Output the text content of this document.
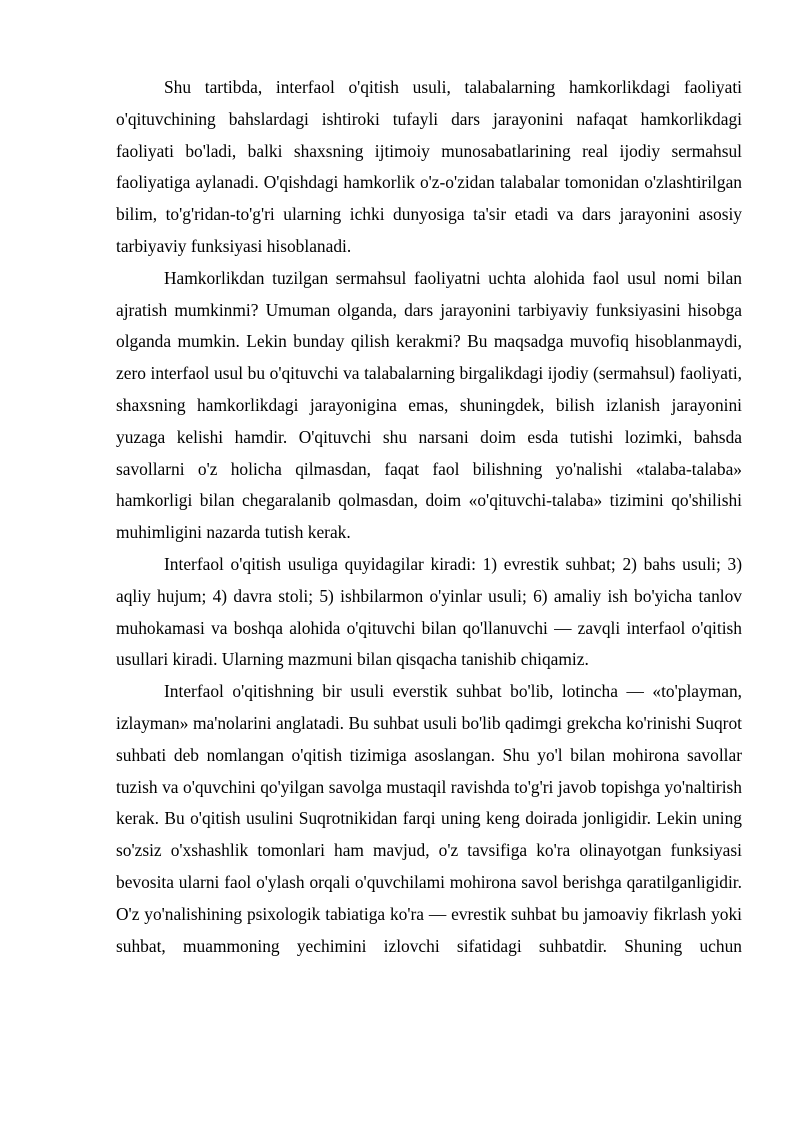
Shu tartibda, interfaol o'qitish usuli, talabalarning hamkorlikdagi faoliyati o'qituvchining bahslardagi ishtiroki tufayli dars jarayonini nafaqat hamkorlikdagi faoliyati bo'ladi, balki shaxsning ijtimoiy munosabatlarining real ijodiy sermahsul faoliyatiga aylanadi. O'qishdagi hamkorlik o'z-o'zidan talabalar tomonidan o'zlashtirilgan bilim, to'g'ridan-to'g'ri ularning ichki dunyosiga ta'sir etadi va dars jarayonini asosiy tarbiyaviy funksiyasi hisoblanadi.

Hamkorlikdan tuzilgan sermahsul faoliyatni uchta alohida faol usul nomi bilan ajratish mumkinmi? Umuman olganda, dars jarayonini tarbiyaviy funksiyasini hisobga olganda mumkin. Lekin bunday qilish kerakmi? Bu maqsadga muvofiq hisoblanmaydi, zero interfaol usul bu o'qituvchi va talabalarning birgalikdagi ijodiy (sermahsul) faoliyati, shaxsning hamkorlikdagi jarayonigina emas, shuningdek, bilish izlanish jarayonini yuzaga kelishi hamdir. O'qituvchi shu narsani doim esda tutishi lozimki, bahsda savollarni o'z holicha qilmasdan, faqat faol bilishning yo'nalishi «talaba-talaba» hamkorligi bilan chegaralanib qolmasdan, doim «o'qituvchi-talaba» tizimini qo'shilishi muhimligini nazarda tutish kerak.

Interfaol o'qitish usuliga quyidagilar kiradi: 1) evrestik suhbat; 2) bahs usuli; 3) aqliy hujum; 4) davra stoli; 5) ishbilarmon o'yinlar usuli; 6) amaliy ish bo'yicha tanlov muhokamasi va boshqa alohida o'qituvchi bilan qo'llanuvchi — zavqli interfaol o'qitish usullari kiradi. Ularning mazmuni bilan qisqacha tanishib chiqamiz.

Interfaol o'qitishning bir usuli everstik suhbat bo'lib, lotincha — «to'playman, izlayman» ma'nolarini anglatadi. Bu suhbat usuli bo'lib qadimgi grekcha ko'rinishi Suqrot suhbati deb nomlangan o'qitish tizimiga asoslangan. Shu yo'l bilan mohirona savollar tuzish va o'quvchini qo'yilgan savolga mustaqil ravishda to'g'ri javob topishga yo'naltirish kerak. Bu o'qitish usulini Suqrotnikidan farqi uning keng doirada jonligidir. Lekin uning so'zsiz o'xshashlik tomonlari ham mavjud, o'z tavsifiga ko'ra olinayotgan funksiyasi bevosita ularni faol o'ylash orqali o'quvchilami mohirona savol berishga qaratilganligidir. O'z yo'nalishining psixologik tabiatiga ko'ra — evrestik suhbat bu jamoaviy fikrlash yoki suhbat, muammoning yechimini izlovchi sifatidagi suhbatdir. Shuning uchun
